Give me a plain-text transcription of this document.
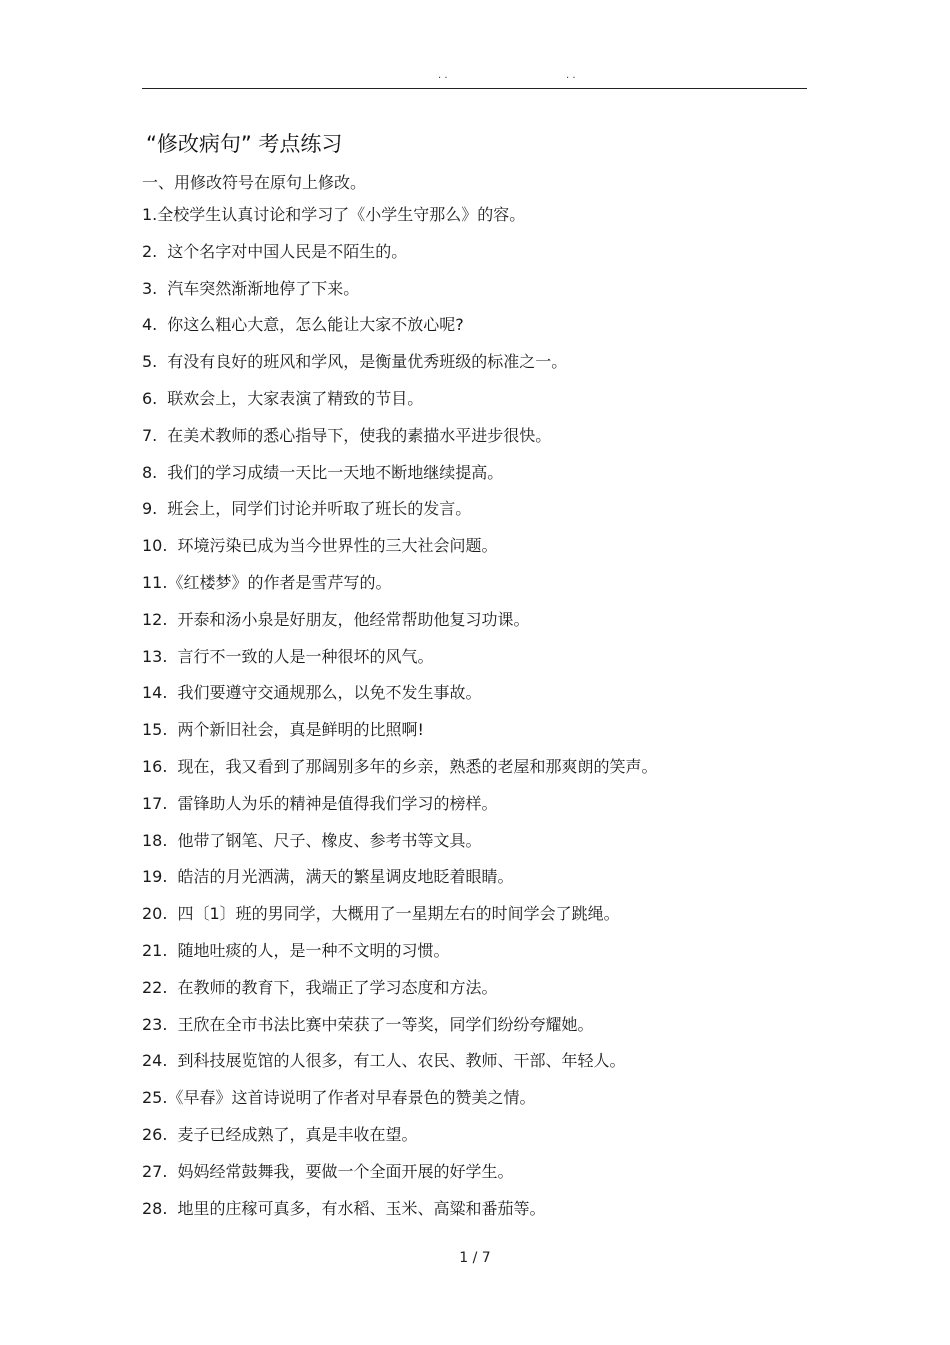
. .	. .
“修改病句” 考点练习
一、用修改符号在原句上修改。
1. 全校学生认真讨论和学习了《小学生守那么》的容。
2. 这个名字对中国人民是不陌生的。
3. 汽车突然渐渐地停了下来。
4. 你这么粗心大意，怎么能让大家不放心呢?
5. 有没有良好的班风和学风，是衡量优秀班级的标准之一。
6. 联欢会上，大家表演了精致的节目。
7. 在美术教师的悉心指导下，使我的素描水平进步很快。
8. 我们的学习成绩一天比一天地不断地继续提高。
9. 班会上，同学们讨论并听取了班长的发言。
10. 环境污染已成为当今世界性的三大社会问题。
11. 《红楼梦》的作者是雪芹写的。
12. 开泰和汤小泉是好朋友，他经常帮助他复习功课。
13. 言行不一致的人是一种很坏的风气。
14. 我们要遵守交通规那么，以免不发生事故。
15. 两个新旧社会，真是鲜明的比照啊!
16. 现在，我又看到了那阔别多年的乡亲，熟悉的老屋和那爽朗的笑声。
17. 雷锋助人为乐的精神是值得我们学习的榜样。
18. 他带了钢笔、尺子、橡皮、参考书等文具。
19. 皓洁的月光洒满，满天的繁星调皮地眨着眼睛。
20. 四〔1〕班的男同学，大概用了一星期左右的时间学会了跳绳。
21. 随地吐痰的人，是一种不文明的习惯。
22. 在教师的教育下，我端正了学习态度和方法。
23. 王欣在全市书法比赛中荣获了一等奖，同学们纷纷夸耀她。
24. 到科技展览馆的人很多，有工人、农民、教师、干部、年轻人。
25. 《早春》这首诗说明了作者对早春景色的赞美之情。
26. 麦子已经成熟了，真是丰收在望。
27. 妈妈经常鼓舞我，要做一个全面开展的好学生。
28. 地里的庄稼可真多，有水稻、玉米、高粱和番茄等。
1 / 7
